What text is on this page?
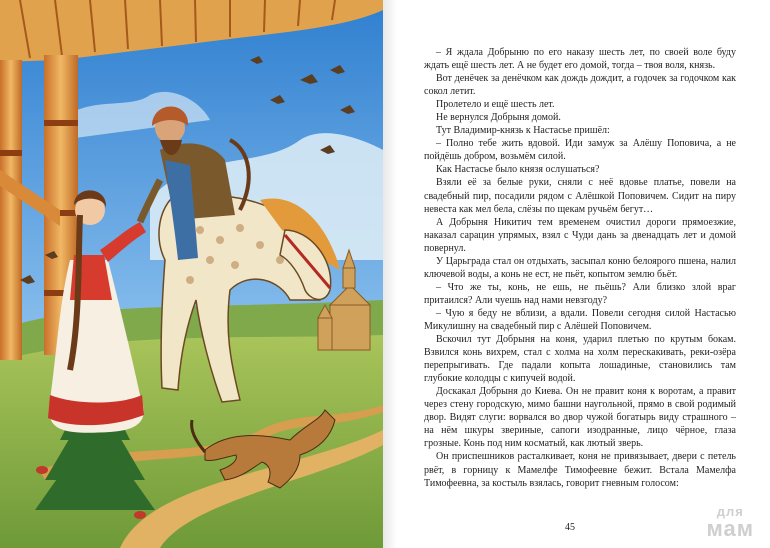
– Я ждала Добрыню по его наказу шесть лет, по своей воле буду ждать ещё шесть лет. А не будет его домой, тогда – твоя воля, князь.

Вот денёчек за денёчком как дождь дождит, а годочек за годочком как сокол летит.

Пролетело и ещё шесть лет.

Не вернулся Добрыня домой.

Тут Владимир-князь к Настасье пришёл:

– Полно тебе жить вдовой. Иди замуж за Алёшу Поповича, а не пойдёшь добром, возьмём силой.

Как Настасье было князя ослушаться?

Взяли её за белые руки, сняли с неё вдовье платье, повели на свадебный пир, посадили рядом с Алёшкой Поповичем. Сидит на пиру невеста как мел бела, слёзы по щекам ручьём бегут…

А Добрыня Никитич тем временем очистил дороги прямоезжие, наказал сарацин упрямых, взял с Чуди дань за двенадцать лет и домой повернул.

У Царьграда стал он отдыхать, засыпал коню белоярого пшена, налил ключевой воды, а конь не ест, не пьёт, копытом землю бьёт.

– Что же ты, конь, не ешь, не пьёшь? Али близко злой враг притаился? Али чуешь над нами невзгоду?

– Чую я беду не вблизи, а вдали. Повели сегодня силой Настасью Микулишну на свадебный пир с Алёшей Поповичем.

Вскочил тут Добрыня на коня, ударил плетью по крутым бокам. Взвился конь вихрем, стал с холма на холм перескакивать, реки-озёра перепрыгивать. Где падали копыта лошадиные, становились там глубокие колодцы с кипучей водой.

Доскакал Добрыня до Киева. Он не правит коня к воротам, а правит через стену городскую, мимо башни наугольной, прямо в свой родимый двор. Видят слуги: ворвался во двор чужой богатырь виду страшного – на нём шкуры звериные, сапоги изодранные, лицо чёрное, глаза грозные. Конь под ним косматый, как лютый зверь.

Он приспешников расталкивает, коня не привязывает, двери с петель рвёт, в горницу к Мамелфе Тимофеевне бежит. Встала Мамелфа Тимофеевна, за костыль взялась, говорит гневным голосом:

45
для
мам
